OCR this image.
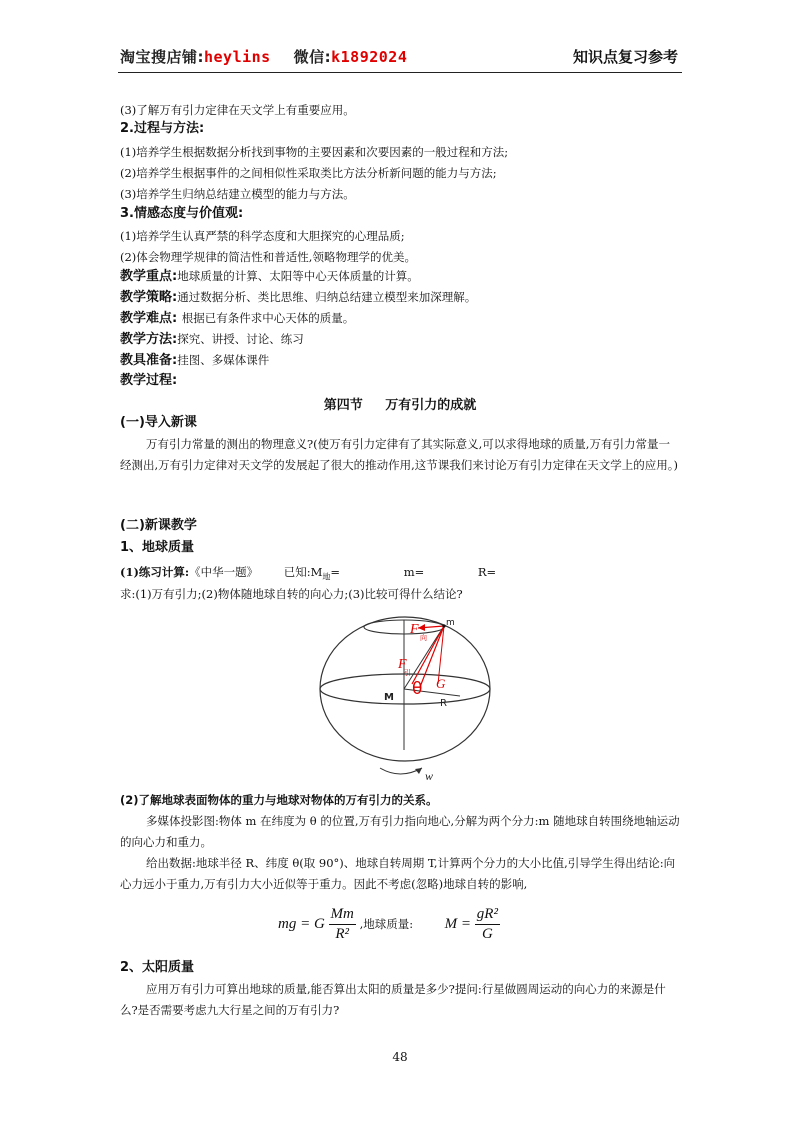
淘宝搜店铺:heylins 微信:k1892024	知识点复习参考
(3)了解万有引力定律在天文学上有重要应用。
2.过程与方法:
(1)培养学生根据数据分析找到事物的主要因素和次要因素的一般过程和方法;
(2)培养学生根据事件的之间相似性采取类比方法分析新问题的能力与方法;
(3)培养学生归纳总结建立模型的能力与方法。
3.情感态度与价值观:
(1)培养学生认真严禁的科学态度和大胆探究的心理品质;
(2)体会物理学规律的简洁性和普适性,领略物理学的优美。
教学重点:地球质量的计算、太阳等中心天体质量的计算。
教学策略:通过数据分析、类比思维、归纳总结建立模型来加深理解。
教学难点: 根据已有条件求中心天体的质量。
教学方法:探究、讲授、讨论、练习
教具准备:挂图、多媒体课件
教学过程:
第四节 万有引力的成就
(一)导入新课
万有引力常量的测出的物理意义?(使万有引力定律有了其实际意义,可以求得地球的质量,万有引力常量一经测出,万有引力定律对天文学的发展起了很大的推动作用,这节课我们来讨论万有引力定律在天文学上的应用。)
(二)新课教学
1、地球质量
(1)练习计算:《中华一题》 已知$:M_地=$	m=	R=
求:(1)万有引力;(2)物体随地球自转的向心力;(3)比较可得什么结论?
F
向
F
引
θ G
M
R
m
w
(2)了解地球表面物体的重力与地球对物体的万有引力的关系。
多媒体投影图:物体 m 在纬度为 θ 的位置,万有引力指向地心,分解为两个分力:m 随地球自转围绕地轴运动的向心力和重力。
给出数据:地球半径 R、纬度 θ(取 90°)、地球自转周期 T,计算两个分力的大小比值,引导学生得出结论:向心力远小于重力,万有引力大小近似等于重力。因此不考虑(忽略)地球自转的影响,
mg = G $\frac{Mm}{\text{R²}}$ ,地球质量: $M = \frac{\text{gR²}}{G}$
2、太阳质量
应用万有引力可算出地球的质量,能否算出太阳的质量是多少?提问:行星做圆周运动的向心力的来源是什么?是否需要考虑九大行星之间的万有引力?
48
